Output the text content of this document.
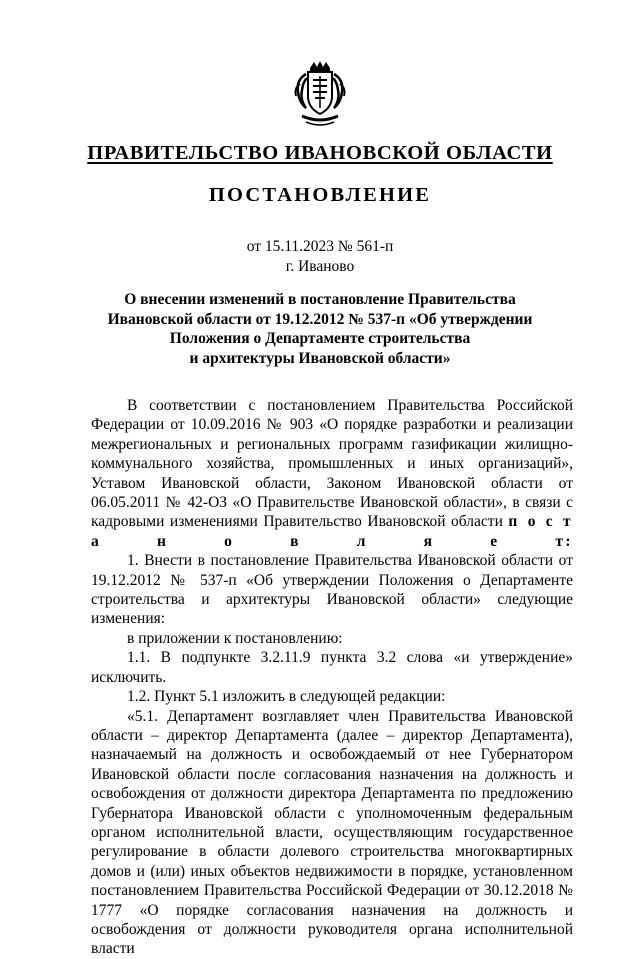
ПРАВИТЕЛЬСТВО ИВАНОВСКОЙ ОБЛАСТИ
ПОСТАНОВЛЕНИЕ
от 15.11.2023 № 561-п
г. Иваново
О внесении изменений в постановление Правительства
Ивановской области от 19.12.2012 № 537-п «Об утверждении
Положения о Департаменте строительства
и архитектуры Ивановской области»

В соответствии с постановлением Правительства Российской Федерации от 10.09.2016 № 903 «О порядке разработки и реализации межрегиональных и региональных программ газификации жилищно-коммунального хозяйства, промышленных и иных организаций», Уставом Ивановской области, Законом Ивановской области от 06.05.2011 № 42-ОЗ «О Правительстве Ивановской области», в связи с кадровыми изменениями Правительство Ивановской области п о с т а н о в л я е т:

1. Внести в постановление Правительства Ивановской области от 19.12.2012 № 537-п «Об утверждении Положения о Департаменте строительства и архитектуры Ивановской области» следующие изменения:

в приложении к постановлению:

1.1. В подпункте 3.2.11.9 пункта 3.2 слова «и утверждение» исключить.

1.2. Пункт 5.1 изложить в следующей редакции:

«5.1. Департамент возглавляет член Правительства Ивановской области – директор Департамента (далее – директор Департамента), назначаемый на должность и освобождаемый от нее Губернатором Ивановской области после согласования назначения на должность и освобождения от должности директора Департамента по предложению Губернатора Ивановской области с уполномоченным федеральным органом исполнительной власти, осуществляющим государственное регулирование в области долевого строительства многоквартирных домов и (или) иных объектов недвижимости в порядке, установленном постановлением Правительства Российской Федерации от 30.12.2018 № 1777 «О порядке согласования назначения на должность и освобождения от должности руководителя органа исполнительной власти
